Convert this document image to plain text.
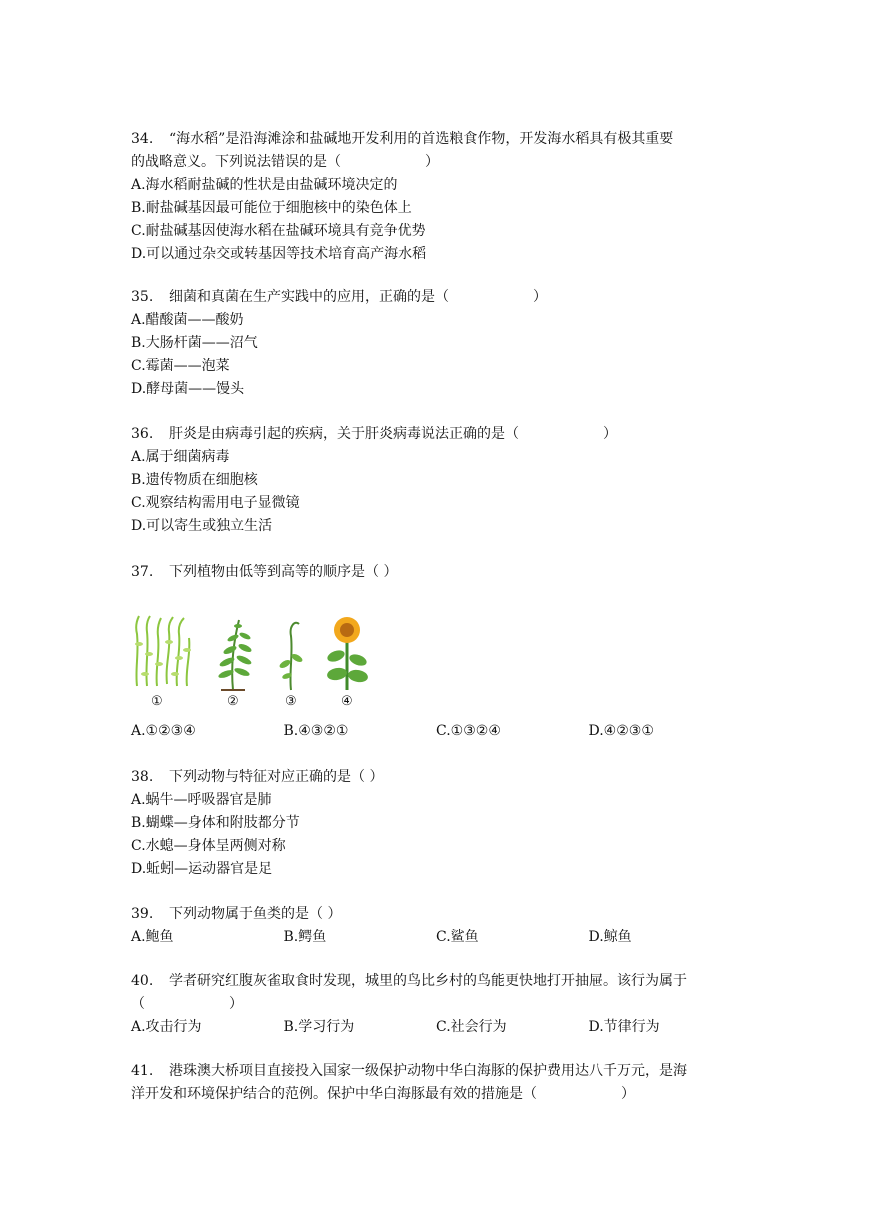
34. “海水稻”是沿海滩涂和盐碱地开发利用的首选粮食作物，开发海水稻具有极其重要
的战略意义。下列说法错误的是（　　　　　　）
A.海水稻耐盐碱的性状是由盐碱环境决定的
B.耐盐碱基因最可能位于细胞核中的染色体上
C.耐盐碱基因使海水稻在盐碱环境具有竞争优势
D.可以通过杂交或转基因等技术培育高产海水稻
35. 细菌和真菌在生产实践中的应用，正确的是（　　　　　　）
A.醋酸菌——酸奶
B.大肠杆菌——沼气
C.霉菌——泡菜
D.酵母菌——馒头
36. 肝炎是由病毒引起的疾病，关于肝炎病毒说法正确的是（　　　　　　）
A.属于细菌病毒
B.遗传物质在细胞核
C.观察结构需用电子显微镜
D.可以寄生或独立生活
37. 下列植物由低等到高等的顺序是（ ）
①	②	③	④
A.①②③④	B.④③②①	C.①③②④	D.④②③①
38. 下列动物与特征对应正确的是（ ）
A.蜗牛—呼吸器官是肺
B.蝴蝶—身体和附肢都分节
C.水螅—身体呈两侧对称
D.蚯蚓—运动器官是足
39. 下列动物属于鱼类的是（ ）
A.鲍鱼	B.鳄鱼	C.鲨鱼	D.鲸鱼
40. 学者研究红腹灰雀取食时发现，城里的鸟比乡村的鸟能更快地打开抽屉。该行为属于
（　　　　　　）
A.攻击行为	B.学习行为	C.社会行为	D.节律行为
41. 港珠澳大桥项目直接投入国家一级保护动物中华白海豚的保护费用达八千万元，是海
洋开发和环境保护结合的范例。保护中华白海豚最有效的措施是（　　　　　　）
